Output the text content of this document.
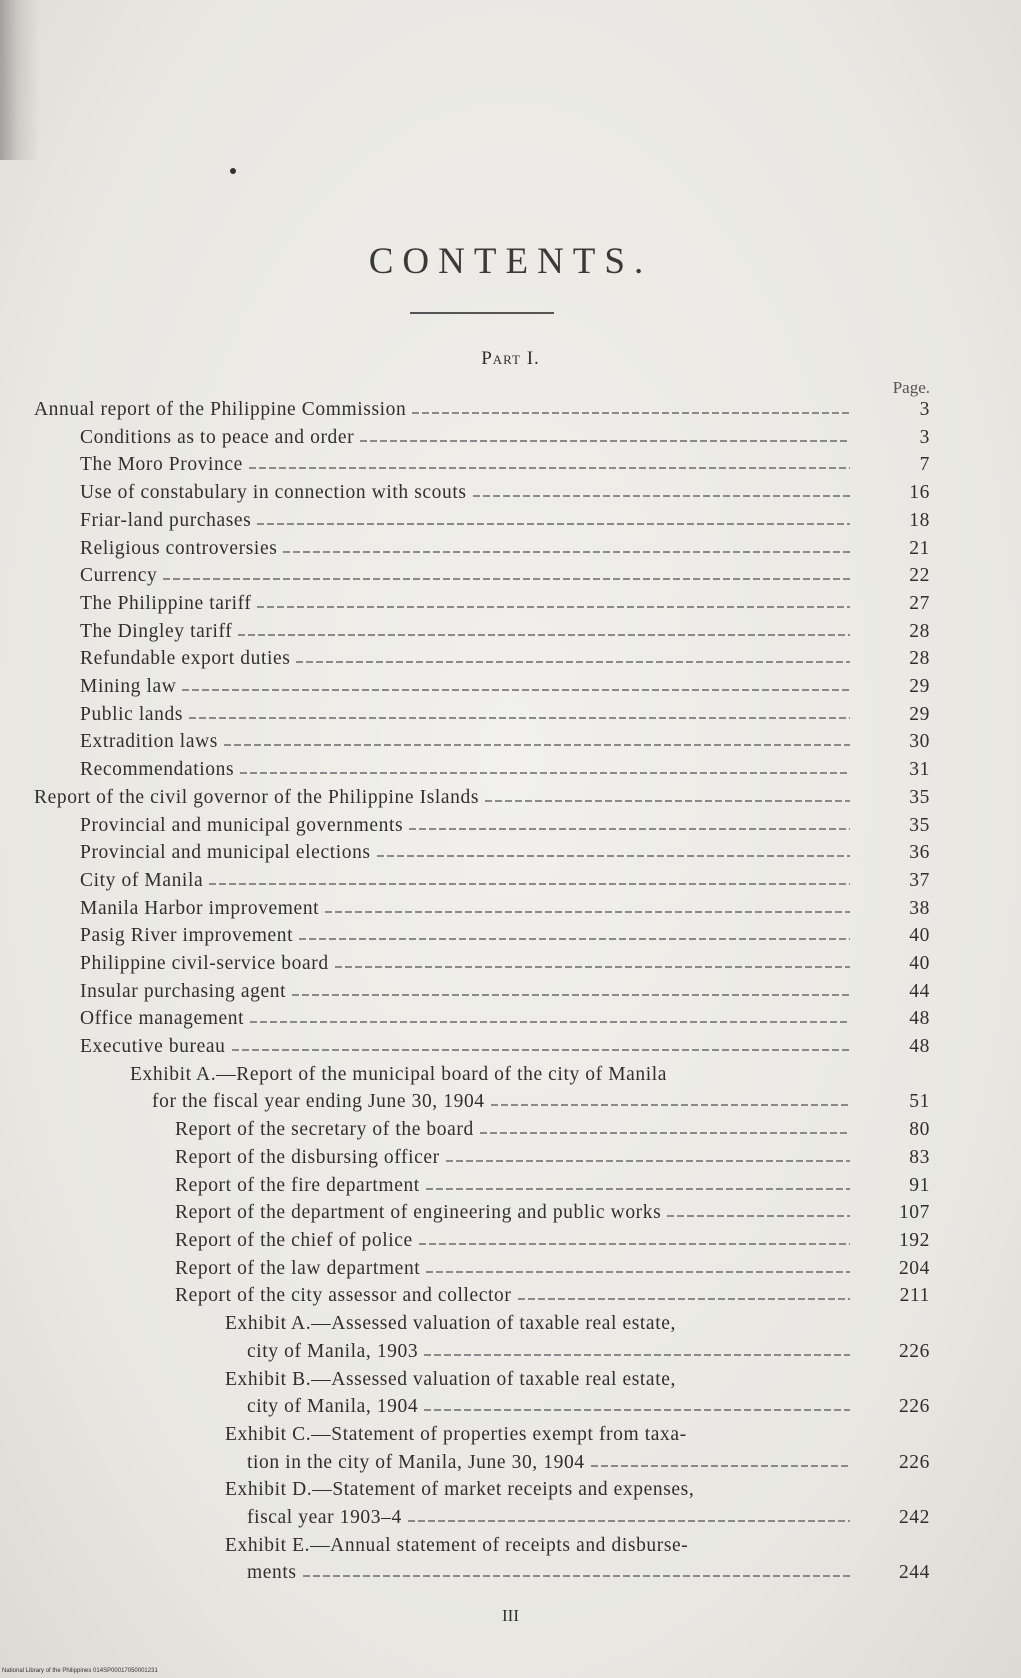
CONTENTS.
Part I.
Page.
Annual report of the Philippine Commission	3
Conditions as to peace and order	3
The Moro Province	7
Use of constabulary in connection with scouts	16
Friar-land purchases	18
Religious controversies	21
Currency	22
The Philippine tariff	27
The Dingley tariff	28
Refundable export duties	28
Mining law	29
Public lands	29
Extradition laws	30
Recommendations	31
Report of the civil governor of the Philippine Islands	35
Provincial and municipal governments	35
Provincial and municipal elections	36
City of Manila	37
Manila Harbor improvement	38
Pasig River improvement	40
Philippine civil-service board	40
Insular purchasing agent	44
Office management	48
Executive bureau	48
Exhibit A.—Report of the municipal board of the city of Manila
for the fiscal year ending June 30, 1904	51
Report of the secretary of the board	80
Report of the disbursing officer	83
Report of the fire department	91
Report of the department of engineering and public works	107
Report of the chief of police	192
Report of the law department	204
Report of the city assessor and collector	211
Exhibit A.—Assessed valuation of taxable real estate,
city of Manila, 1903	226
Exhibit B.—Assessed valuation of taxable real estate,
city of Manila, 1904	226
Exhibit C.—Statement of properties exempt from taxa-
tion in the city of Manila, June 30, 1904	226
Exhibit D.—Statement of market receipts and expenses,
fiscal year 1903–4	242
Exhibit E.—Annual statement of receipts and disburse-
ments	244
III
National Library of the Philippines 014SP00017050001231
